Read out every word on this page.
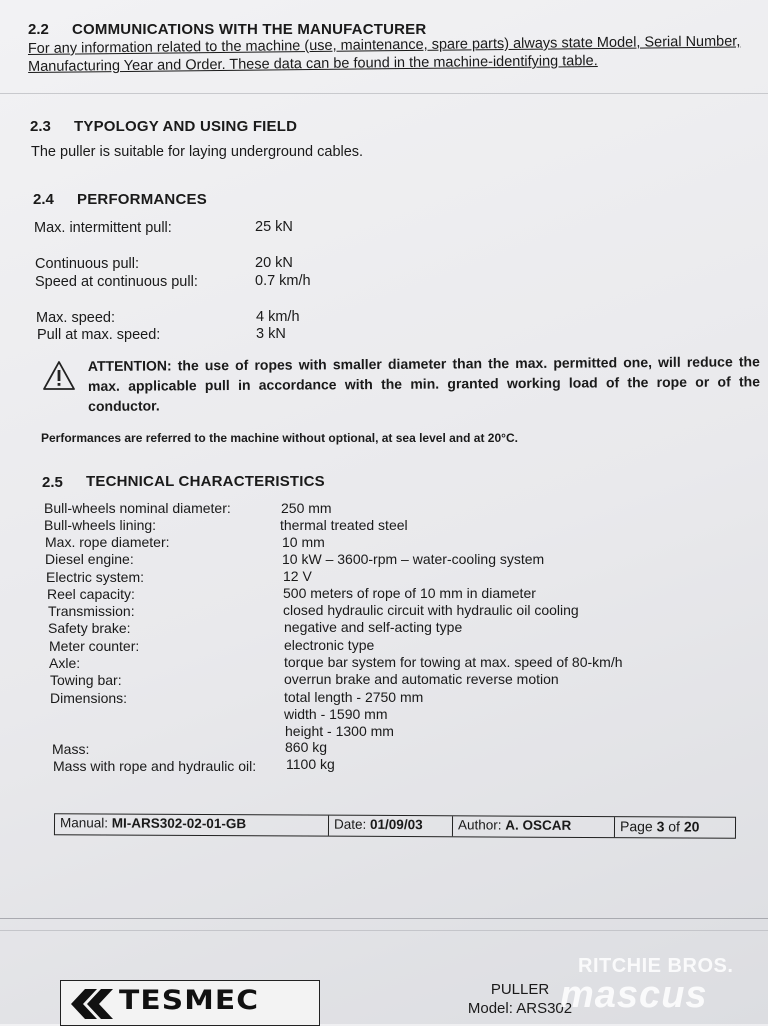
2.2 COMMUNICATIONS WITH THE MANUFACTURER
For any information related to the machine (use, maintenance, spare parts) always state Model, Serial Number, Manufacturing Year and Order. These data can be found in the machine-identifying table.
2.3 TYPOLOGY AND USING FIELD
The puller is suitable for laying underground cables.
2.4 PERFORMANCES
Max. intermittent pull:	25 kN
Continuous pull:	20 kN
Speed at continuous pull:	0.7 km/h
Max. speed:	4 km/h
Pull at max. speed:	3 kN
ATTENTION: the use of ropes with smaller diameter than the max. permitted one, will reduce the max. applicable pull in accordance with the min. granted working load of the rope or of the conductor.
Performances are referred to the machine without optional, at sea level and at 20°C.
2.5 TECHNICAL CHARACTERISTICS
Bull-wheels nominal diameter:	250 mm
Bull-wheels lining:	thermal treated steel
Max. rope diameter:	10 mm
Diesel engine:	10 kW – 3600-rpm – water-cooling system
Electric system:	12 V
Reel capacity:	500 meters of rope of 10 mm in diameter
Transmission:	closed hydraulic circuit with hydraulic oil cooling
Safety brake:	negative and self-acting type
Meter counter:	electronic type
Axle:	torque bar system for towing at max. speed of 80-km/h
Towing bar:	overrun brake and automatic reverse motion
Dimensions:	total length - 2750 mm
width - 1590 mm
height - 1300 mm
Mass:	860 kg
Mass with rope and hydraulic oil: 1100 kg
Manual: MI-ARS302-02-01-GB	Date: 01/09/03	Author: A. OSCAR	Page 3 of 20
TESMEC	PULLER
Model: ARS302
RITCHIE BROS.
mascus
